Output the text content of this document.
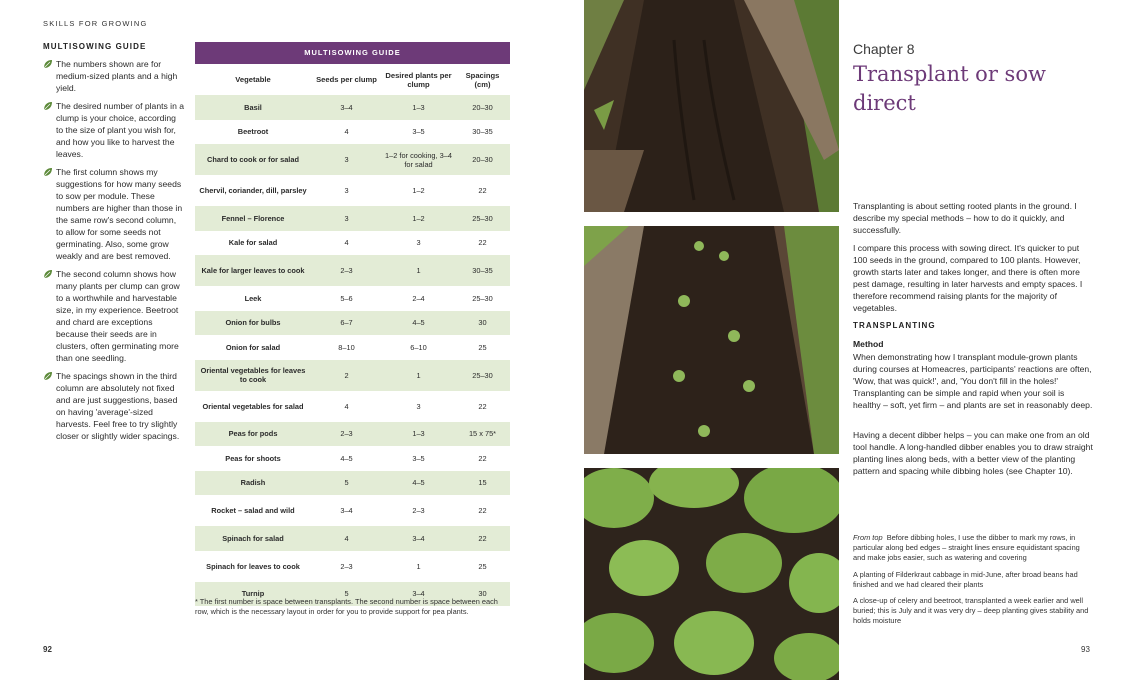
SKILLS FOR GROWING
MULTISOWING GUIDE
The numbers shown are for medium-sized plants and a high yield.
The desired number of plants in a clump is your choice, according to the size of plant you wish for, and how you like to harvest the leaves.
The first column shows my suggestions for how many seeds to sow per module. These numbers are higher than those in the same row's second column, to allow for some seeds not germinating. Also, some grow weakly and are best removed.
The second column shows how many plants per clump can grow to a worthwhile and harvestable size, in my experience. Beetroot and chard are exceptions because their seeds are in clusters, often germinating more than one seedling.
The spacings shown in the third column are absolutely not fixed and are just suggestions, based on having 'average'-sized harvests. Feel free to try slightly closer or slightly wider spacings.
MULTISOWING GUIDE
Vegetable	Seeds per clump	Desired plants per clump	Spacings (cm)
Basil	3–4	1–3	20–30
Beetroot	4	3–5	30–35
Chard to cook or for salad	3	1–2 for cooking, 3–4 for salad	20–30
Chervil, coriander, dill, parsley	3	1–2	22
Fennel – Florence	3	1–2	25–30
Kale for salad	4	3	22
Kale for larger leaves to cook	2–3	1	30–35
Leek	5–6	2–4	25–30
Onion for bulbs	6–7	4–5	30
Onion for salad	8–10	6–10	25
Oriental vegetables for leaves to cook	2	1	25–30
Oriental vegetables for salad	4	3	22
Peas for pods	2–3	1–3	15 x 75*
Peas for shoots	4–5	3–5	22
Radish	5	4–5	15
Rocket – salad and wild	3–4	2–3	22
Spinach for salad	4	3–4	22
Spinach for leaves to cook	2–3	1	25
Turnip	5	3–4	30
* The first number is space between transplants. The second number is space between each row, which is the necessary layout in order for you to provide support for pea plants.
92
Chapter 8
Transplant or sow direct
Transplanting is about setting rooted plants in the ground. I describe my special methods – how to do it quickly, and successfully.
I compare this process with sowing direct. It's quicker to put 100 seeds in the ground, compared to 100 plants. However, growth starts later and takes longer, and there is often more pest damage, resulting in later harvests and empty spaces. I therefore recommend raising plants for the majority of vegetables.
TRANSPLANTING
Method
When demonstrating how I transplant module-grown plants during courses at Homeacres, participants' reactions are often, 'Wow, that was quick!', and, 'You don't fill in the holes!' Transplanting can be simple and rapid when your soil is healthy – soft, yet firm – and plants are set in reasonably deep.
Having a decent dibber helps – you can make one from an old tool handle. A long-handled dibber enables you to draw straight planting lines along beds, with a better view of the planting pattern and spacing while dibbing holes (see Chapter 10).
From top Before dibbing holes, I use the dibber to mark my rows, in particular along bed edges – straight lines ensure equidistant spacing and make jobs easier, such as watering and covering
A planting of Filderkraut cabbage in mid-June, after broad beans had finished and we had cleared their plants
A close-up of celery and beetroot, transplanted a week earlier and well buried; this is July and it was very dry – deep planting gives stability and holds moisture
93
